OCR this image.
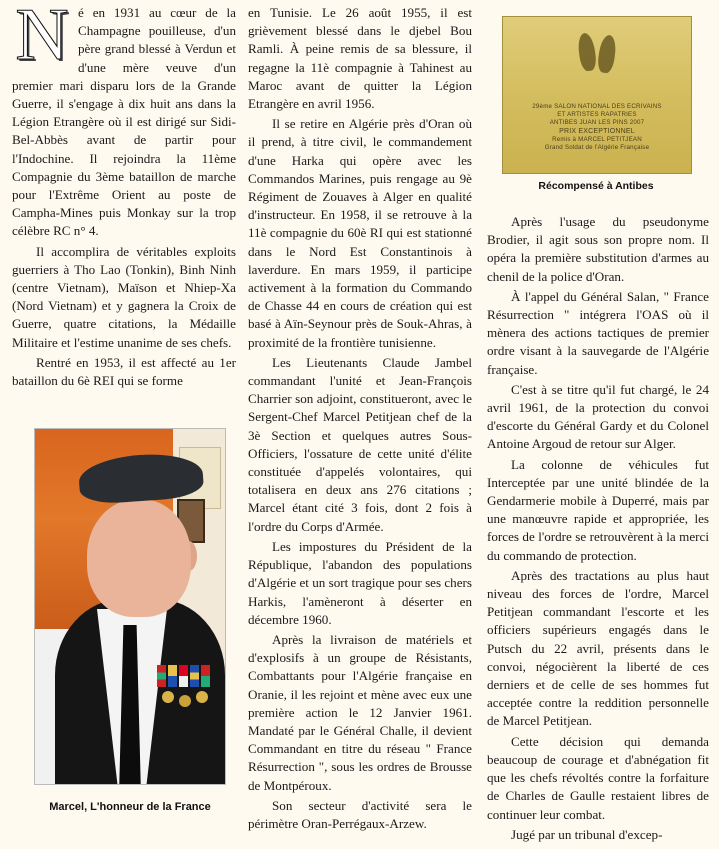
Né en 1931 au cœur de la Champagne pouilleuse, d'un père grand blessé à Verdun et d'une mère veuve d'un premier mari disparu lors de la Grande Guerre, il s'engage à dix huit ans dans la Légion Etrangère où il est dirigé sur Sidi-Bel-Abbès avant de partir pour l'Indochine. Il rejoindra la 11ème Compagnie du 3ème bataillon de marche pour l'Extrême Orient au poste de Campha-Mines puis Monkay sur la trop célèbre RC n° 4.

Il accomplira de véritables exploits guerriers à Tho Lao (Tonkin), Binh Ninh (centre Vietnam), Maïson et Nhiep-Xa (Nord Vietnam) et y gagnera la Croix de Guerre, quatre citations, la Médaille Militaire et l'estime unanime de ses chefs.

Rentré en 1953, il est affecté au 1er bataillon du 6è REI qui se forme

Marcel, L'honneur de la France

en Tunisie. Le 26 août 1955, il est grièvement blessé dans le djebel Bou Ramli. À peine remis de sa blessure, il regagne la 11è compagnie à Tahinest au Maroc avant de quitter la Légion Etrangère en avril 1956.

Il se retire en Algérie près d'Oran où il prend, à titre civil, le commandement d'une Harka qui opère avec les Commandos Marines, puis rengage au 9è Régiment de Zouaves à Alger en qualité d'instructeur. En 1958, il se retrouve à la 11è compagnie du 60è RI qui est stationné dans le Nord Est Constantinois à laverdure. En mars 1959, il participe activement à la formation du Commando de Chasse 44 en cours de création qui est basé à Aïn-Seynour près de Souk-Ahras, à proximité de la frontière tunisienne.

Les Lieutenants Claude Jambel commandant l'unité et Jean-François Charrier son adjoint, constitueront, avec le Sergent-Chef Marcel Petitjean chef de la 3è Section et quelques autres Sous-Officiers, l'ossature de cette unité d'élite constituée d'appelés volontaires, qui totalisera en deux ans 276 citations ; Marcel étant cité 3 fois, dont 2 fois à l'ordre du Corps d'Armée.

Les impostures du Président de la République, l'abandon des populations d'Algérie et un sort tragique pour ses chers Harkis, l'amèneront à déserter en décembre 1960.

Après la livraison de matériels et d'explosifs à un groupe de Résistants, Combattants pour l'Algérie française en Oranie, il les rejoint et mène avec eux une première action le 12 Janvier 1961. Mandaté par le Général Challe, il devient Commandant en titre du réseau " France Résurrection ", sous les ordres de Brousse de Montpéroux.

Son secteur d'activité sera le périmètre Oran-Perrégaux-Arzew.

29ème SALON NATIONAL DES ECRIVAINS
ET ARTISTES RAPATRIES
ANTIBES JUAN LES PINS 2007
PRIX EXCEPTIONNEL
Remis à MARCEL PETITJEAN
Grand Soldat de l'Algérie Française
Récompensé à Antibes

Après l'usage du pseudonyme Brodier, il agit sous son propre nom. Il opéra la première substitution d'armes au chenil de la police d'Oran.

À l'appel du Général Salan, " France Résurrection " intégrera l'OAS où il mènera des actions tactiques de premier ordre visant à la sauvegarde de l'Algérie française.

C'est à se titre qu'il fut chargé, le 24 avril 1961, de la protection du convoi d'escorte du Général Gardy et du Colonel Antoine Argoud de retour sur Alger.

La colonne de véhicules fut Interceptée par une unité blindée de la Gendarmerie mobile à Duperré, mais par une manœuvre rapide et appropriée, les forces de l'ordre se retrouvèrent à la merci du commando de protection.

Après des tractations au plus haut niveau des forces de l'ordre, Marcel Petitjean commandant l'escorte et les officiers supérieurs engagés dans le Putsch du 22 avril, présents dans le convoi, négocièrent la liberté de ces derniers et de celle de ses hommes fut acceptée contre la reddition personnelle de Marcel Petitjean.

Cette décision qui demanda beaucoup de courage et d'abnégation fit que les chefs révoltés contre la forfaiture de Charles de Gaulle restaient libres de continuer leur combat.

Jugé par un tribunal d'excep-
